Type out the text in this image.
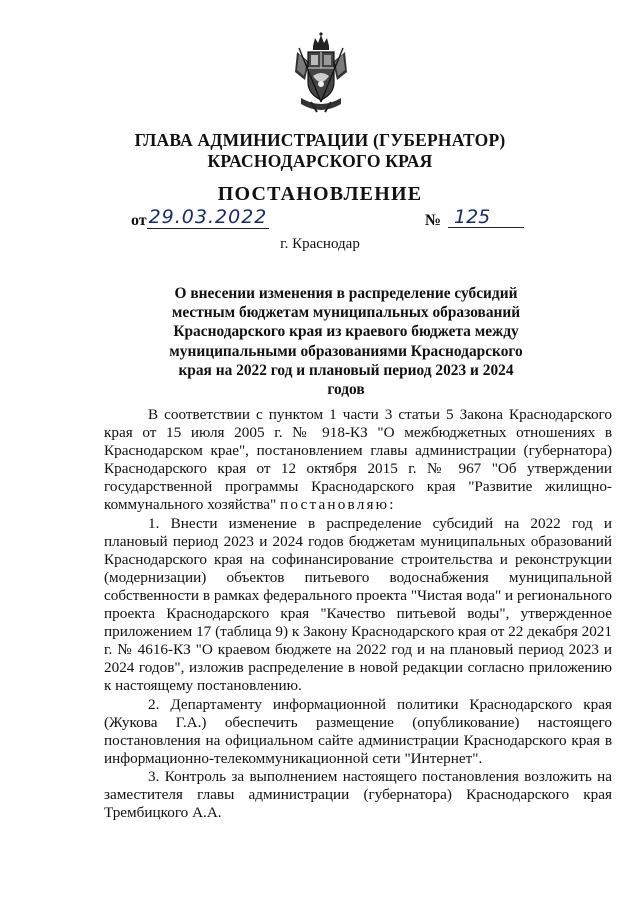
ГЛАВА АДМИНИСТРАЦИИ (ГУБЕРНАТОР)
КРАСНОДАРСКОГО КРАЯ
ПОСТАНОВЛЕНИЕ
от 29.03.2022	№ 125
г. Краснодар
О внесении изменения в распределение субсидий местным бюджетам муниципальных образований Краснодарского края из краевого бюджета между муниципальными образованиями Краснодарского края на 2022 год и плановый период 2023 и 2024 годов

В соответствии с пунктом 1 части 3 статьи 5 Закона Краснодарского края от 15 июля 2005 г. № 918-КЗ "О межбюджетных отношениях в Краснодарском крае", постановлением главы администрации (губернатора) Краснодарского края от 12 октября 2015 г. № 967 "Об утверждении государственной программы Краснодарского края "Развитие жилищно-коммунального хозяйства" постановляю:

1. Внести изменение в распределение субсидий на 2022 год и плановый период 2023 и 2024 годов бюджетам муниципальных образований Краснодарского края на софинансирование строительства и реконструкции (модернизации) объектов питьевого водоснабжения муниципальной собственности в рамках федерального проекта "Чистая вода" и регионального проекта Краснодарского края "Качество питьевой воды", утвержденное приложением 17 (таблица 9) к Закону Краснодарского края от 22 декабря 2021 г. № 4616-КЗ "О краевом бюджете на 2022 год и на плановый период 2023 и 2024 годов", изложив распределение в новой редакции согласно приложению к настоящему постановлению.

2. Департаменту информационной политики Краснодарского края (Жукова Г.А.) обеспечить размещение (опубликование) настоящего постановления на официальном сайте администрации Краснодарского края в информационно-телекоммуникационной сети "Интернет".

3. Контроль за выполнением настоящего постановления возложить на заместителя главы администрации (губернатора) Краснодарского края Трембицкого А.А.
